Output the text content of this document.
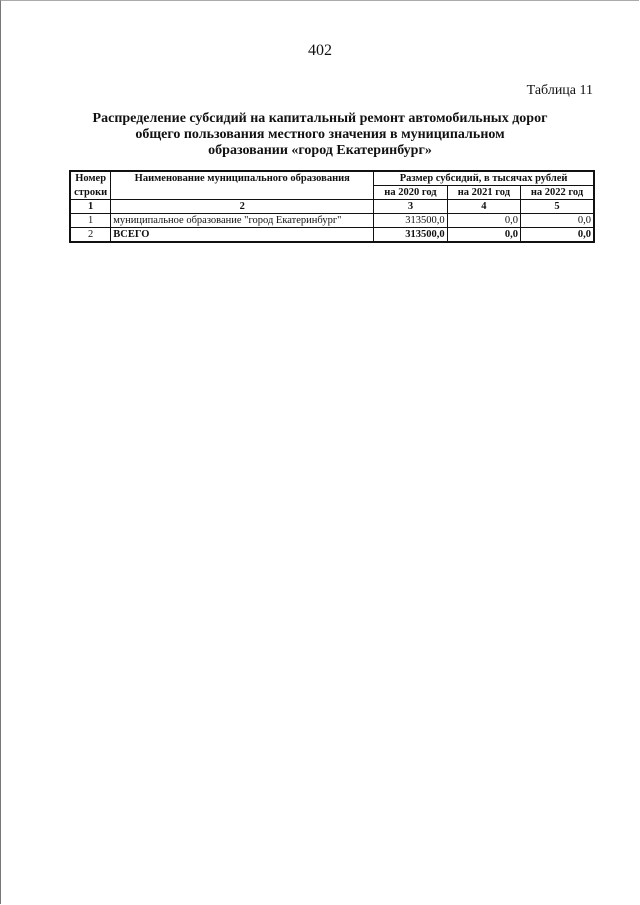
402
Таблица 11
Распределение субсидий на капитальный ремонт автомобильных дорог
общего пользования местного значения в муниципальном
образовании «город Екатеринбург»
Номер	Наименование муниципального образования	Размер субсидий, в тысячах рублей		
строки		на 2020 год	на 2021 год	на 2022 год
1	2	3	4	5
1	муниципальное образование "город Екатеринбург"	313500,0	0,0	0,0
2	ВСЕГО	313500,0	0,0	0,0
